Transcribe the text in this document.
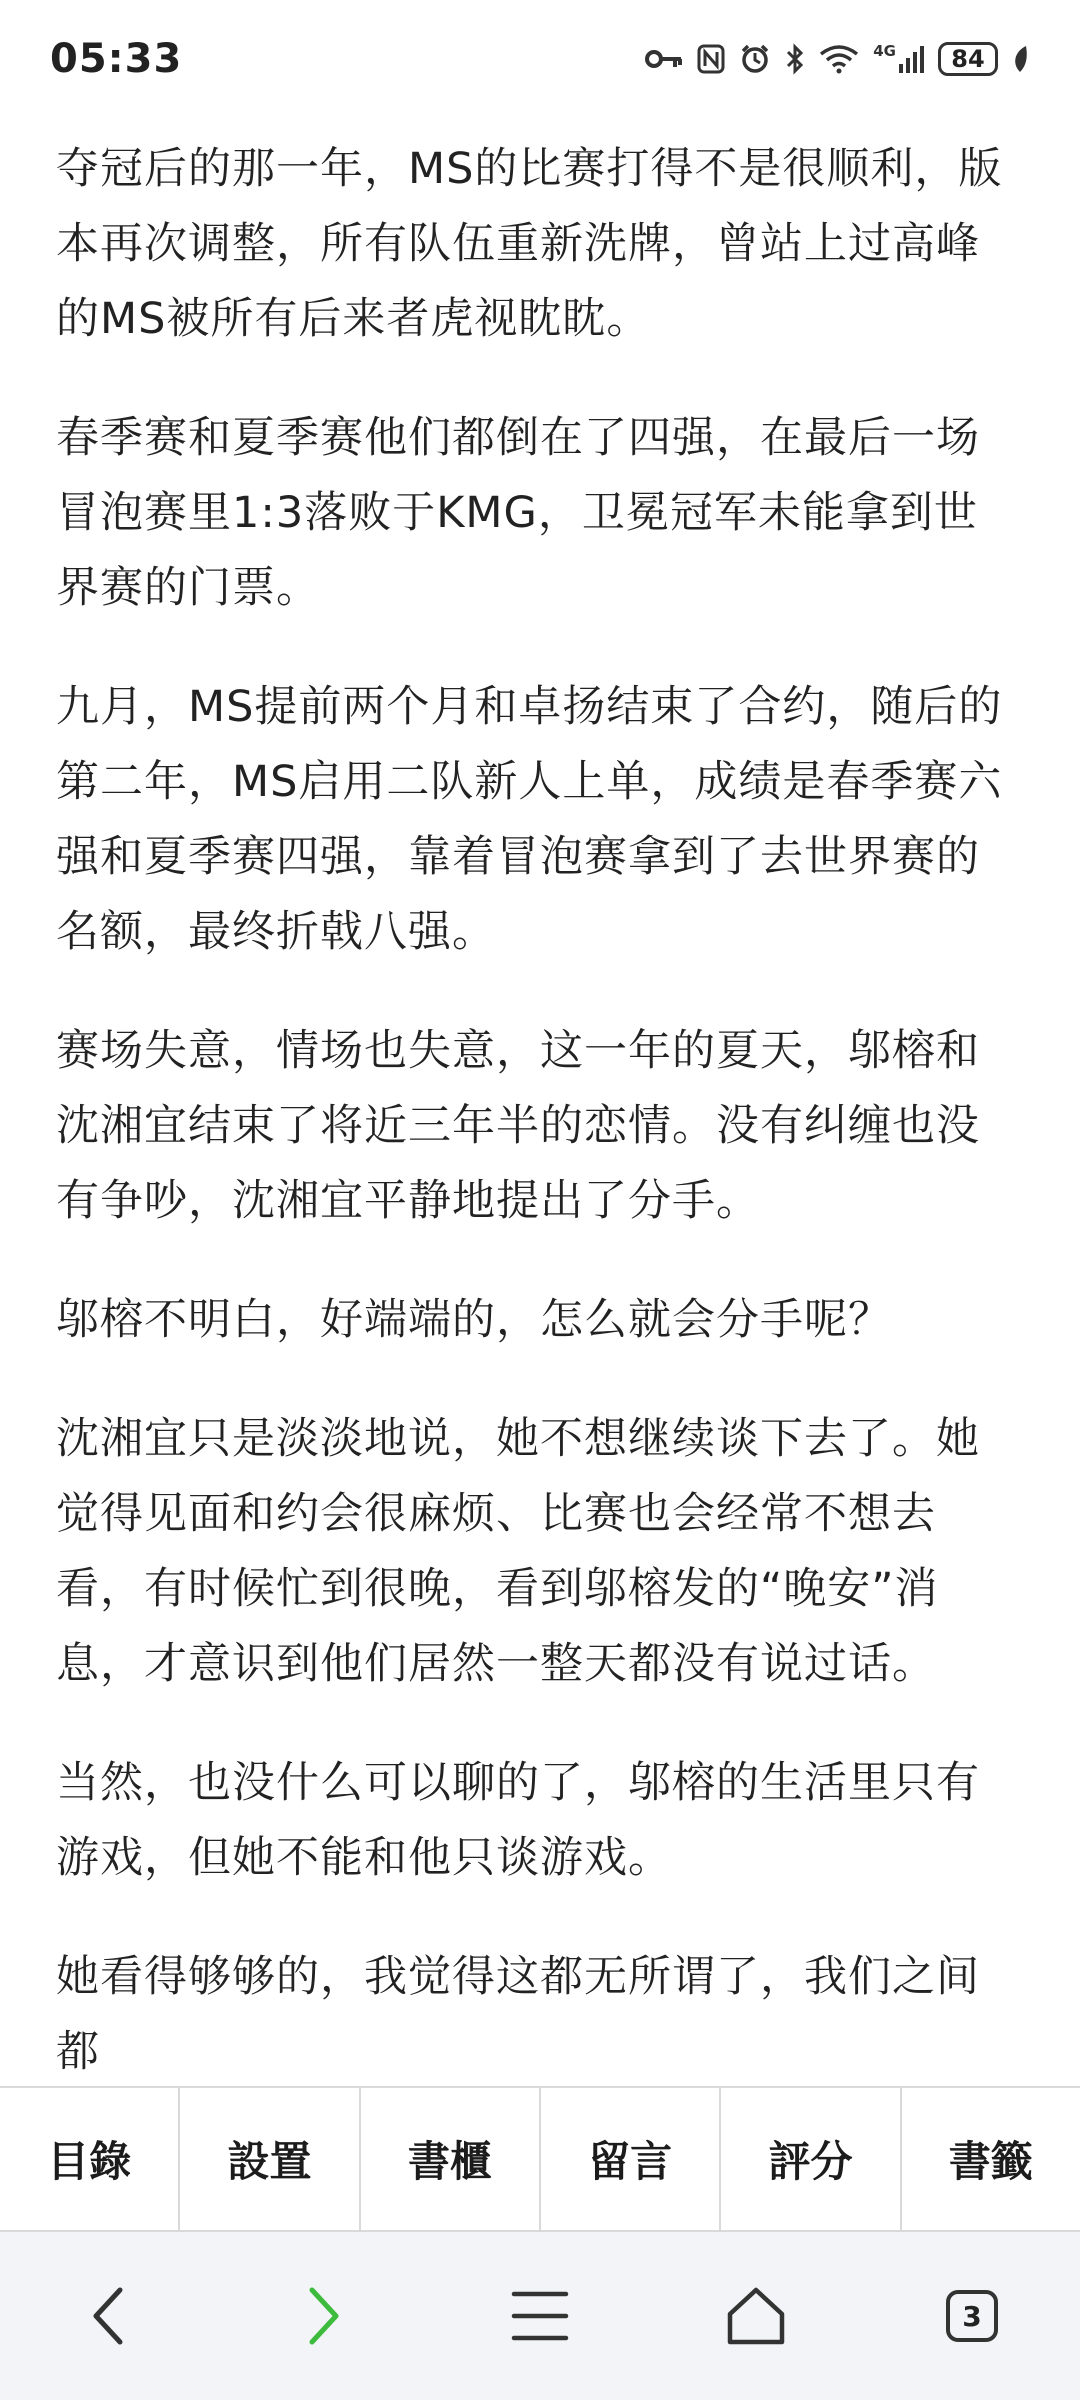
05:33	4G	84

夺冠后的那一年，MS的比赛打得不是很顺利，版本再次调整，所有队伍重新洗牌，曾站上过高峰的MS被所有后来者虎视眈眈。

春季赛和夏季赛他们都倒在了四强，在最后一场冒泡赛里1:3落败于KMG，卫冕冠军未能拿到世界赛的门票。

九月，MS提前两个月和卓扬结束了合约，随后的第二年，MS启用二队新人上单，成绩是春季赛六强和夏季赛四强，靠着冒泡赛拿到了去世界赛的名额，最终折戟八强。

赛场失意，情场也失意，这一年的夏天，邬榕和沈湘宜结束了将近三年半的恋情。没有纠缠也没有争吵，沈湘宜平静地提出了分手。

邬榕不明白，好端端的，怎么就会分手呢？

沈湘宜只是淡淡地说，她不想继续谈下去了。她觉得见面和约会很麻烦、比赛也会经常不想去看，有时候忙到很晚，看到邬榕发的“晚安”消息，才意识到他们居然一整天都没有说过话。

当然，也没什么可以聊的了，邬榕的生活里只有游戏，但她不能和他只谈游戏。

她看得够够的，我觉得这都无所谓了，我们之间都

目錄	設置	書櫃	留言	評分	書籤
3
